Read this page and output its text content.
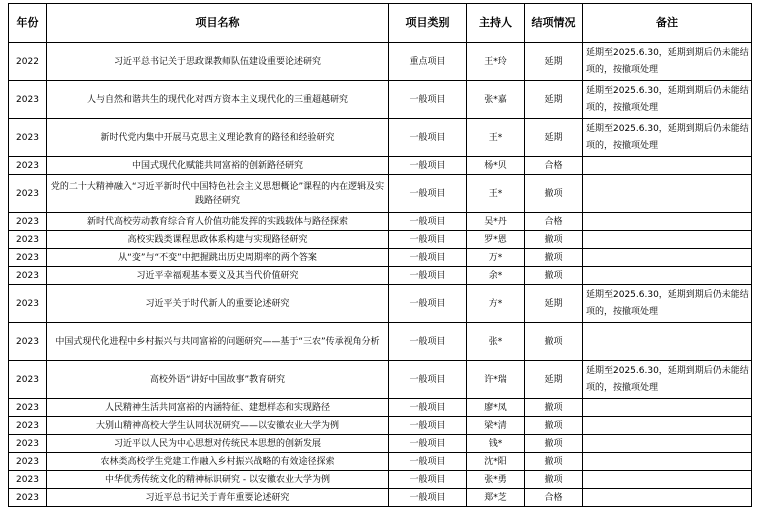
年份	项目名称	项目类别	主持人	结项情况	备注
2022	习近平总书记关于思政课教师队伍建设重要论述研究	重点项目	王*玲	延期	延期至2025.6.30，延期到期后仍未能结项的，按撤项处理
2023	人与自然和谐共生的现代化对西方资本主义现代化的三重超越研究	一般项目	张*嘉	延期	延期至2025.6.30，延期到期后仍未能结项的，按撤项处理
2023	新时代党内集中开展马克思主义理论教育的路径和经验研究	一般项目	王*	延期	延期至2025.6.30，延期到期后仍未能结项的，按撤项处理
2023	中国式现代化赋能共同富裕的创新路径研究	一般项目	杨*贝	合格	
2023	党的二十大精神融入“习近平新时代中国特色社会主义思想概论”课程的内在逻辑及实践路径研究	一般项目	王*	撤项	
2023	新时代高校劳动教育综合育人价值功能发挥的实践载体与路径探索	一般项目	吴*丹	合格	
2023	高校实践类课程思政体系构建与实现路径研究	一般项目	罗*恩	撤项	
2023	从“变”与“不变”中把握跳出历史周期率的两个答案	一般项目	万*	撤项	
2023	习近平幸福观基本要义及其当代价值研究	一般项目	余*	撤项	
2023	习近平关于时代新人的重要论述研究	一般项目	方*	延期	延期至2025.6.30，延期到期后仍未能结项的，按撤项处理
2023	中国式现代化进程中乡村振兴与共同富裕的问题研究——基于“三农”传承视角分析	一般项目	张*	撤项	
2023	高校外语“讲好中国故事”教育研究	一般项目	许*瑞	延期	延期至2025.6.30，延期到期后仍未能结项的，按撤项处理
2023	人民精神生活共同富裕的内涵特征、建想样态和实现路径	一般项目	廖*凤	撤项	
2023	大别山精神高校大学生认同状况研究——以安徽农业大学为例	一般项目	梁*清	撤项	
2023	习近平以人民为中心思想对传统民本思想的创新发展	一般项目	钱*	撤项	
2023	农林类高校学生党建工作融入乡村振兴战略的有效途径探索	一般项目	沈*阳	撤项	
2023	中华优秀传统文化的精神标识研究 - 以安徽农业大学为例	一般项目	张*勇	撤项	
2023	习近平总书记关于青年重要论述研究	一般项目	郑*芝	合格	
